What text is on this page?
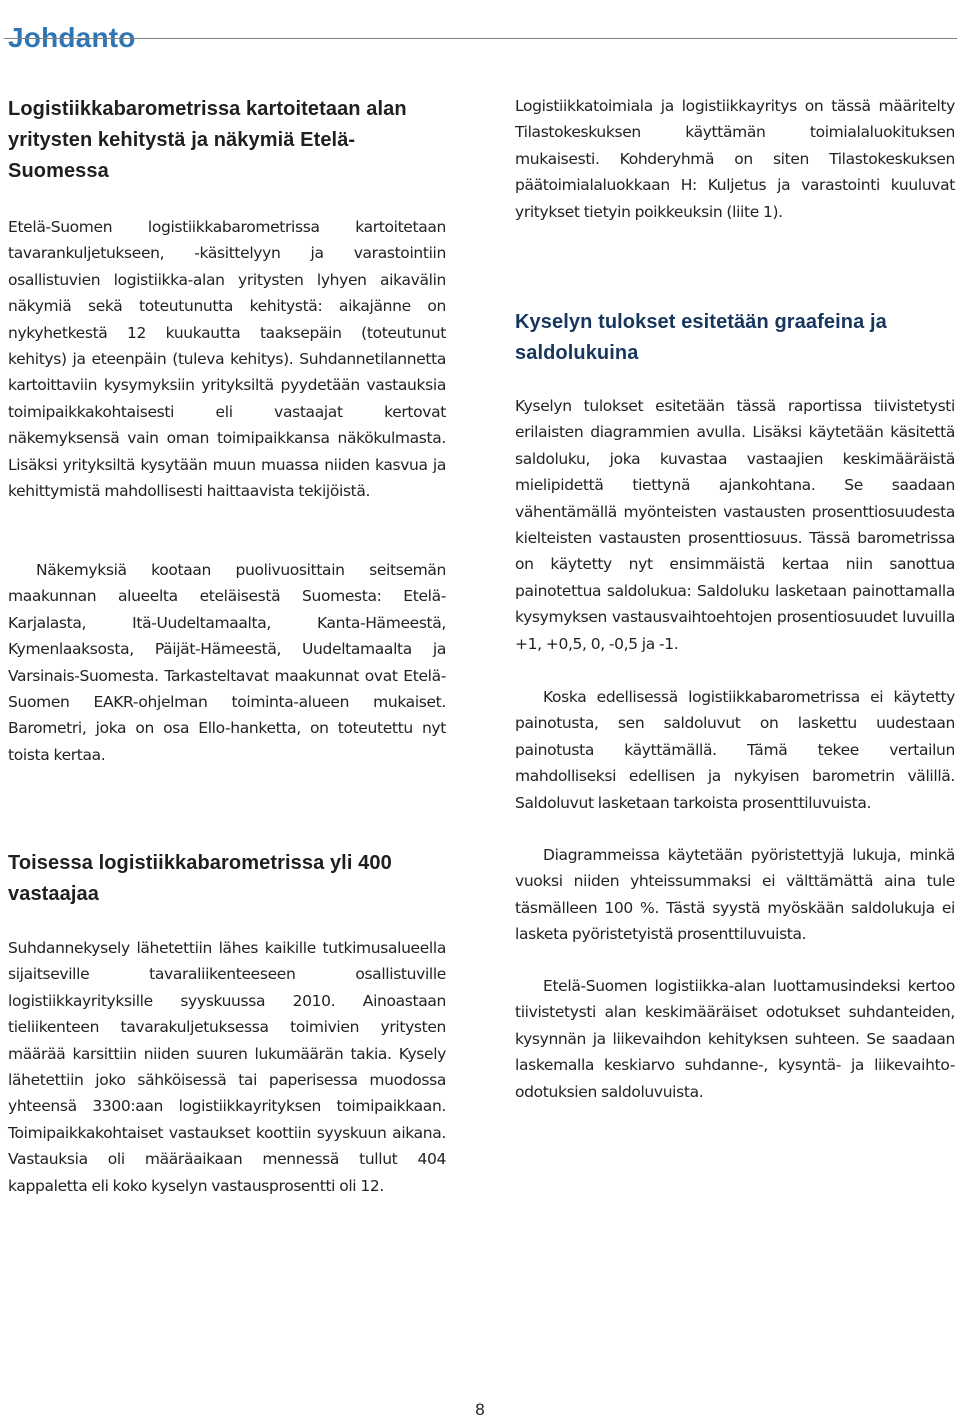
Johdanto
Logistiikkabarometrissa kartoitetaan alan yritysten kehitystä ja näkymiä Etelä-Suomessa

Etelä-Suomen logistiikkabarometrissa kartoitetaan tavarankuljetukseen, -käsittelyyn ja varastointiin osallistuvien logistiikka-alan yritysten lyhyen aikavälin näkymiä sekä toteutunutta kehitystä: aikajänne on nykyhetkestä 12 kuukautta taaksepäin (toteutunut kehitys) ja eteenpäin (tuleva kehitys). Suhdannetilannetta kartoittaviin kysymyksiin yrityksiltä pyydetään vastauksia toimipaikkakohtaisesti eli vastaajat kertovat näkemyksensä vain oman toimipaikkansa näkökulmasta. Lisäksi yrityksiltä kysytään muun muassa niiden kasvua ja kehittymistä mahdollisesti haittaavista tekijöistä.

Näkemyksiä kootaan puolivuosittain seitsemän maakunnan alueelta eteläisestä Suomesta: Etelä-Karjalasta, Itä-Uudeltamaalta, Kanta-Hämeestä, Kymenlaaksosta, Päijät-Hämeestä, Uudeltamaalta ja Varsinais-Suomesta. Tarkasteltavat maakunnat ovat Etelä-Suomen EAKR-ohjelman toiminta-alueen mukaiset. Barometri, joka on osa Ello-hanketta, on toteutettu nyt toista kertaa.

Toisessa logistiikkabarometrissa yli 400 vastaajaa

Suhdannekysely lähetettiin lähes kaikille tutkimusalueella sijaitseville tavaraliikenteeseen osallistuville logistiikkayrityksille syyskuussa 2010. Ainoastaan tieliikenteen tavarakuljetuksessa toimivien yritysten määrää karsittiin niiden suuren lukumäärän takia. Kysely lähetettiin joko sähköisessä tai paperisessa muodossa yhteensä 3300:aan logistiikkayrityksen toimipaikkaan. Toimipaikkakohtaiset vastaukset koottiin syyskuun aikana. Vastauksia oli määräaikaan mennessä tullut 404 kappaletta eli koko kyselyn vastausprosentti oli 12.

Logistiikkatoimiala ja logistiikkayritys on tässä määritelty Tilastokeskuksen käyttämän toimialaluokituksen mukaisesti. Kohderyhmä on siten Tilastokeskuksen päätoimialaluokkaan H: Kuljetus ja varastointi kuuluvat yritykset tietyin poikkeuksin (liite 1).

Kyselyn tulokset esitetään graafeina ja saldolukuina

Kyselyn tulokset esitetään tässä raportissa tiivistetysti erilaisten diagrammien avulla. Lisäksi käytetään käsitettä saldoluku, joka kuvastaa vastaajien keskimääräistä mielipidettä tiettynä ajankohtana. Se saadaan vähentämällä myönteisten vastausten prosenttiosuudesta kielteisten vastausten prosenttiosuus. Tässä barometrissa on käytetty nyt ensimmäistä kertaa niin sanottua painotettua saldolukua: Saldoluku lasketaan painottamalla kysymyksen vastausvaihtoehtojen prosentiosuudet luvuilla +1, +0,5, 0, -0,5 ja -1.

Koska edellisessä logistiikkabarometrissa ei käytetty painotusta, sen saldoluvut on laskettu uudestaan painotusta käyttämällä. Tämä tekee vertailun mahdolliseksi edellisen ja nykyisen barometrin välillä. Saldoluvut lasketaan tarkoista prosenttiluvuista.

Diagrammeissa käytetään pyöristettyjä lukuja, minkä vuoksi niiden yhteissummaksi ei välttämättä aina tule täsmälleen 100 %. Tästä syystä myöskään saldolukuja ei lasketa pyöristetyistä prosenttiluvuista.

Etelä-Suomen logistiikka-alan luottamusindeksi kertoo tiivistetysti alan keskimääräiset odotukset suhdanteiden, kysynnän ja liikevaihdon kehityksen suhteen. Se saadaan laskemalla keskiarvo suhdanne-, kysyntä- ja liikevaihto-odotuksien saldoluvuista.

8
